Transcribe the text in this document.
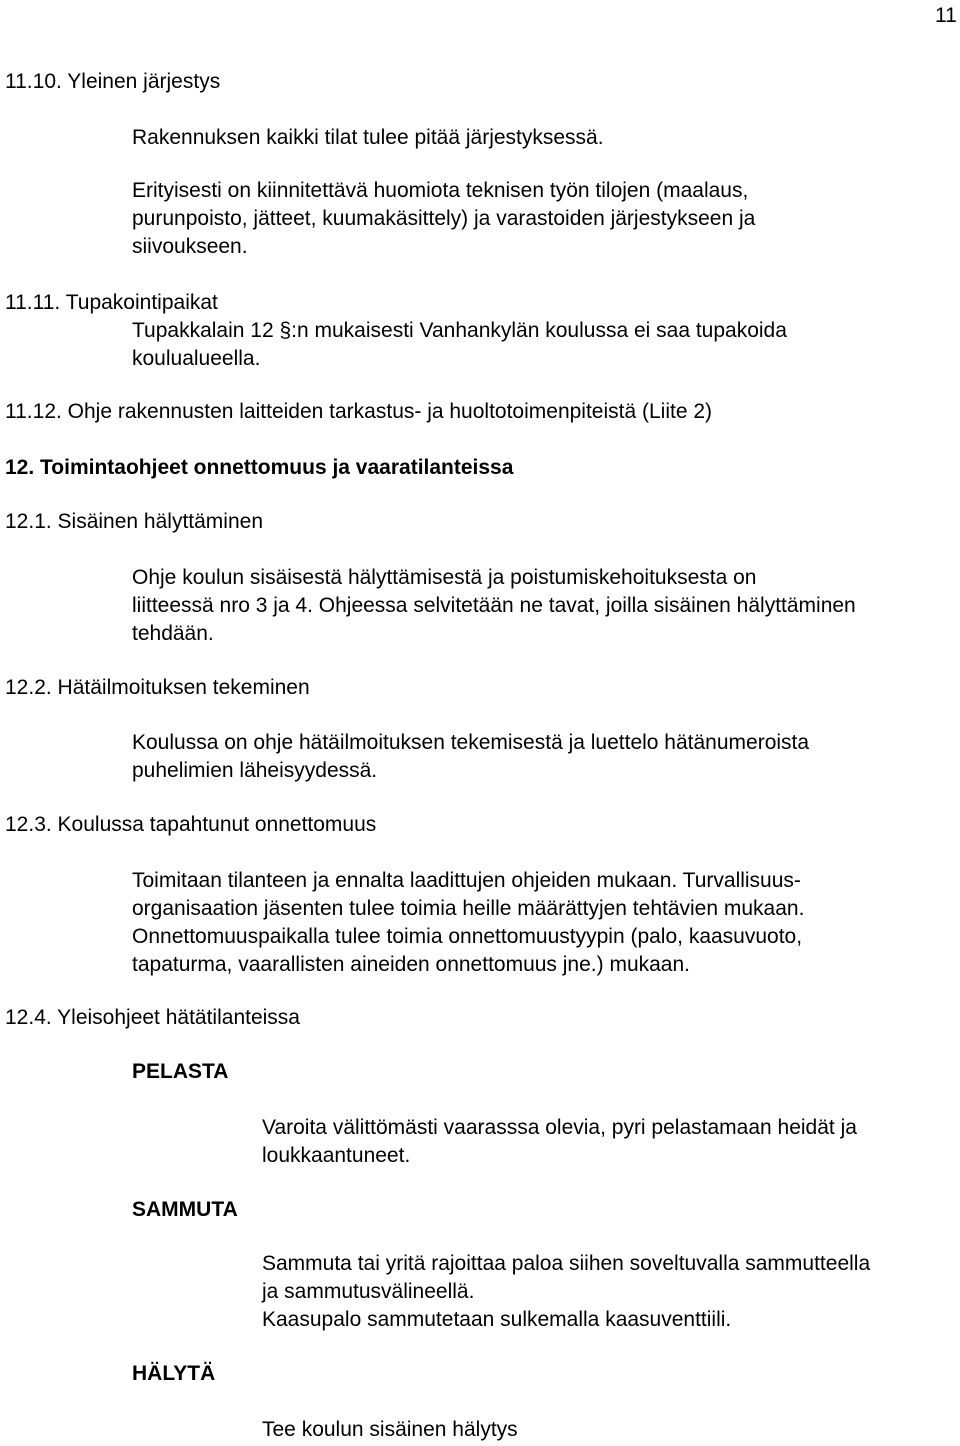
11
11.10. Yleinen järjestys

Rakennuksen kaikki tilat tulee pitää järjestyksessä.

Erityisesti on kiinnitettävä huomiota teknisen työn tilojen (maalaus,
purunpoisto, jätteet, kuumakäsittely) ja varastoiden järjestykseen ja
siivoukseen.
11.11. Tupakointipaikat
Tupakkalain 12 §:n mukaisesti Vanhankylän koulussa ei saa tupakoida
koulualueella.
11.12. Ohje rakennusten laitteiden tarkastus- ja huoltotoimenpiteistä (Liite 2)
12. Toimintaohjeet onnettomuus ja vaaratilanteissa
12.1. Sisäinen hälyttäminen
Ohje koulun sisäisestä hälyttämisestä ja poistumiskehoituksesta on
liitteessä nro 3 ja 4. Ohjeessa selvitetään ne tavat, joilla sisäinen hälyttäminen
tehdään.
12.2. Hätäilmoituksen tekeminen
Koulussa on ohje hätäilmoituksen tekemisestä ja luettelo hätänumeroista
puhelimien läheisyydessä.
12.3. Koulussa tapahtunut onnettomuus
Toimitaan tilanteen ja ennalta laadittujen ohjeiden mukaan. Turvallisuus-
organisaation jäsenten tulee toimia heille määrättyjen tehtävien mukaan.
Onnettomuuspaikalla tulee toimia onnettomuustyypin (palo, kaasuvuoto,
tapaturma, vaarallisten aineiden onnettomuus jne.) mukaan.
12.4. Yleisohjeet hätätilanteissa
PELASTA
Varoita välittömästi vaarasssa olevia, pyri pelastamaan heidät ja
loukkaantuneet.
SAMMUTA
Sammuta tai yritä rajoittaa paloa siihen soveltuvalla sammutteella
ja sammutusvälineellä.
Kaasupalo sammutetaan sulkemalla kaasuventtiili.
HÄLYTÄ
Tee koulun sisäinen hälytys
